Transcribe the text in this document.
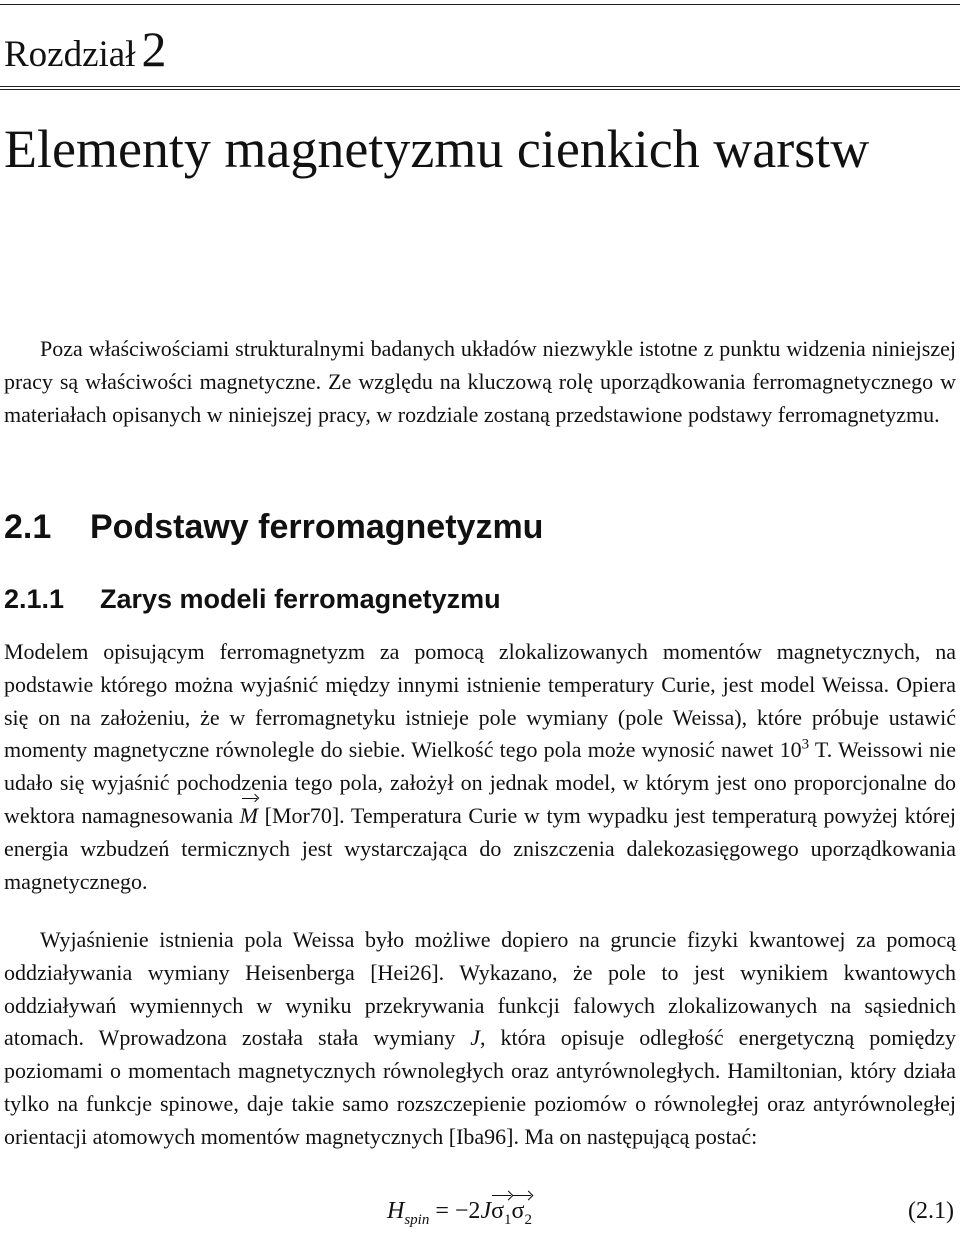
Rozdział 2
Elementy magnetyzmu cienkich warstw
Poza właściwościami strukturalnymi badanych układów niezwykle istotne z punktu widzenia niniejszej pracy są właściwości magnetyczne. Ze względu na kluczową rolę uporządkowania ferromagnetycznego w materiałach opisanych w niniejszej pracy, w rozdziale zostaną przedstawione podstawy ferromagnetyzmu.
2.1 Podstawy ferromagnetyzmu
2.1.1 Zarys modeli ferromagnetyzmu
Modelem opisującym ferromagnetyzm za pomocą zlokalizowanych momentów magnetycznych, na podstawie którego można wyjaśnić między innymi istnienie temperatury Curie, jest model Weissa. Opiera się on na założeniu, że w ferromagnetyku istnieje pole wymiany (pole Weissa), które próbuje ustawić momenty magnetyczne równolegle do siebie. Wielkość tego pola może wynosić nawet $10^3$ T. Weissowi nie udało się wyjaśnić pochodzenia tego pola, założył on jednak model, w którym jest ono proporcjonalne do wektora namagnesowania M [Mor70]. Temperatura Curie w tym wypadku jest temperaturą powyżej której energia wzbudzeń termicznych jest wystarczająca do zniszczenia dalekozasięgowego uporządkowania magnetycznego.
Wyjaśnienie istnienia pola Weissa było możliwe dopiero na gruncie fizyki kwantowej za pomocą oddziaływania wymiany Heisenberga [Hei26]. Wykazano, że pole to jest wynikiem kwantowych oddziaływań wymiennych w wyniku przekrywania funkcji falowych zlokalizowanych na sąsiednich atomach. Wprowadzona została stała wymiany J, która opisuje odległość energetyczną pomiędzy poziomami o momentach magnetycznych równoległych oraz antyrównoległych. Hamiltonian, który działa tylko na funkcje spinowe, daje takie samo rozszczepienie poziomów o równoległej oraz antyrównoległej orientacji atomowych momentów magnetycznych [Iba96]. Ma on następującą postać:
$H_{spin} = -2J\sigma_1\sigma_2$	(2.1)
